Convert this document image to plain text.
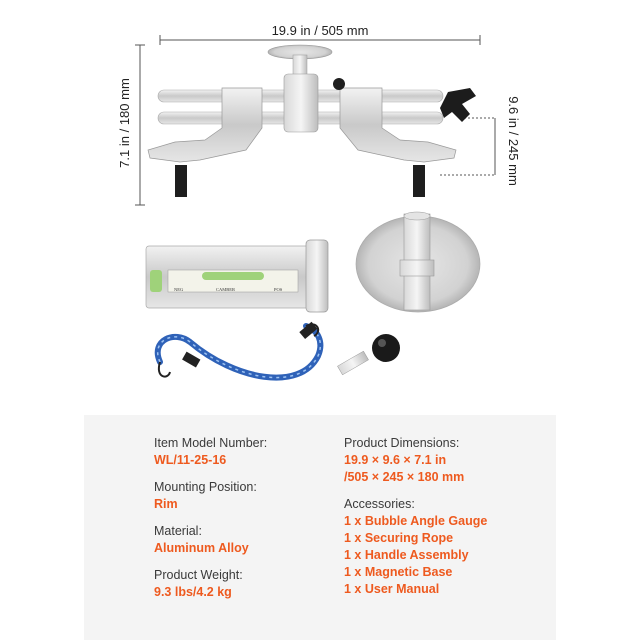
19.9 in / 505 mm
7.1 in / 180 mm	9.6 in / 245 mm
NEG	CAMBER	POS

Item Model Number:

WL/11-25-16

Mounting Position:

Rim

Material:

Aluminum Alloy

Product Weight:

9.3 lbs/4.2 kg

Product Dimensions:

19.9 × 9.6 × 7.1 in

/505 × 245 × 180 mm

Accessories:

1 x Bubble Angle Gauge

1 x Securing Rope

1 x Handle Assembly

1 x Magnetic Base

1 x User Manual
